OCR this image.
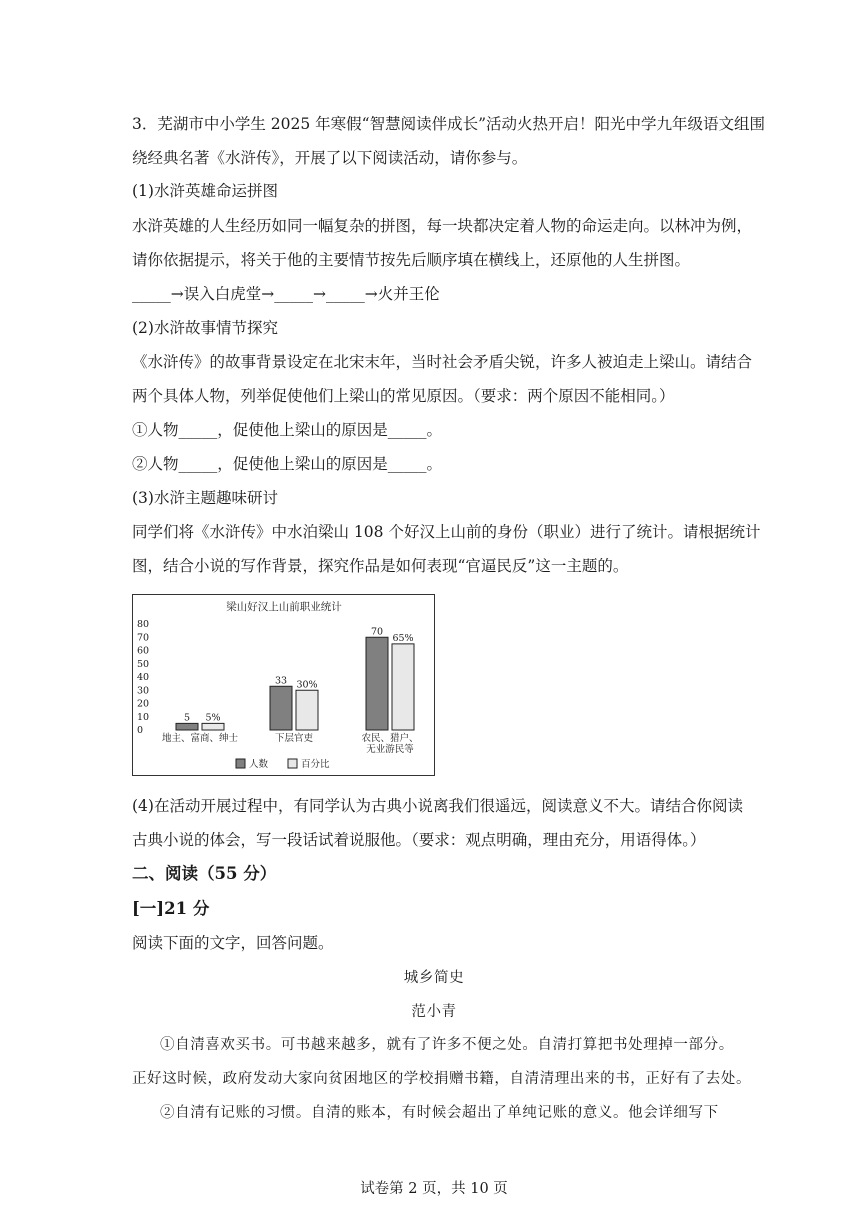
3．芜湖市中小学生 2025 年寒假“智慧阅读伴成长”活动火热开启！阳光中学九年级语文组围
绕经典名著《水浒传》，开展了以下阅读活动，请你参与。
(1)水浒英雄命运拼图
水浒英雄的人生经历如同一幅复杂的拼图，每一块都决定着人物的命运走向。以林冲为例，
请你依据提示，将关于他的主要情节按先后顺序填在横线上，还原他的人生拼图。
_____→误入白虎堂→_____→_____→火并王伦
(2)水浒故事情节探究
《水浒传》的故事背景设定在北宋末年，当时社会矛盾尖锐，许多人被迫走上梁山。请结合
两个具体人物，列举促使他们上梁山的常见原因。（要求：两个原因不能相同。）
①人物_____，促使他上梁山的原因是_____。
②人物_____，促使他上梁山的原因是_____。
(3)水浒主题趣味研讨
同学们将《水浒传》中水泊梁山 108 个好汉上山前的身份（职业）进行了统计。请根据统计
图，结合小说的写作背景，探究作品是如何表现“官逼民反”这一主题的。
梁山好汉上山前职业统计
80
70
60
50
40
30
20
10
0
5 5%
地主、富商、绅士
33 30%
下层官吏
70
65%
农民、猎户、
无业游民等
人数	百分比
(4)在活动开展过程中，有同学认为古典小说离我们很遥远，阅读意义不大。请结合你阅读
古典小说的体会，写一段话试着说服他。（要求：观点明确，理由充分，用语得体。）
二、阅读（55 分）
[一]21 分
阅读下面的文字，回答问题。
城乡简史
范小青
①自清喜欢买书。可书越来越多，就有了许多不便之处。自清打算把书处理掉一部分。
正好这时候，政府发动大家向贫困地区的学校捐赠书籍，自清清理出来的书，正好有了去处。
②自清有记账的习惯。自清的账本，有时候会超出了单纯记账的意义。他会详细写下
试卷第 2 页，共 10 页
